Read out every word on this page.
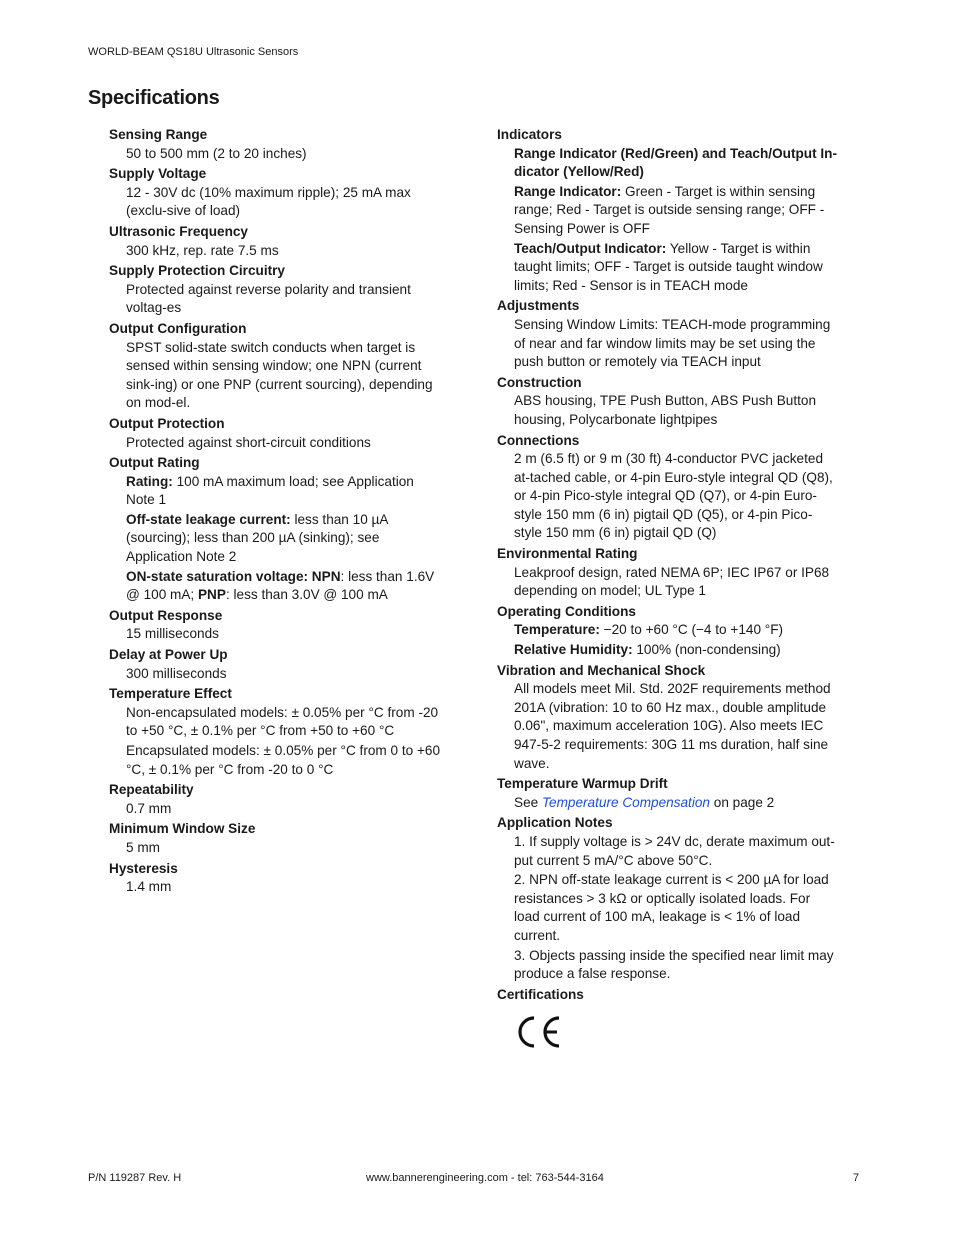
WORLD-BEAM QS18U Ultrasonic Sensors
Specifications
Sensing Range

50 to 500 mm (2 to 20 inches)

Supply Voltage

12 - 30V dc (10% maximum ripple); 25 mA max (exclu-sive of load)

Ultrasonic Frequency

300 kHz, rep. rate 7.5 ms

Supply Protection Circuitry

Protected against reverse polarity and transient voltag-es

Output Configuration

SPST solid-state switch conducts when target is sensed within sensing window; one NPN (current sink-ing) or one PNP (current sourcing), depending on mod-el.

Output Protection

Protected against short-circuit conditions

Output Rating

Rating: 100 mA maximum load; see Application Note 1

Off-state leakage current: less than 10 µA (sourcing); less than 200 µA (sinking); see Application Note 2

ON-state saturation voltage: NPN: less than 1.6V @ 100 mA; PNP: less than 3.0V @ 100 mA

Output Response

15 milliseconds

Delay at Power Up

300 milliseconds

Temperature Effect

Non-encapsulated models: ± 0.05% per °C from -20 to +50 °C, ± 0.1% per °C from +50 to +60 °C

Encapsulated models: ± 0.05% per °C from 0 to +60 °C, ± 0.1% per °C from -20 to 0 °C

Repeatability

0.7 mm

Minimum Window Size

5 mm

Hysteresis

1.4 mm

Indicators

Range Indicator (Red/Green) and Teach/Output In-dicator (Yellow/Red)

Range Indicator: Green - Target is within sensing range; Red - Target is outside sensing range; OFF - Sensing Power is OFF

Teach/Output Indicator: Yellow - Target is within taught limits; OFF - Target is outside taught window limits; Red - Sensor is in TEACH mode

Adjustments

Sensing Window Limits: TEACH-mode programming of near and far window limits may be set using the push button or remotely via TEACH input

Construction

ABS housing, TPE Push Button, ABS Push Button housing, Polycarbonate lightpipes

Connections

2 m (6.5 ft) or 9 m (30 ft) 4-conductor PVC jacketed at-tached cable, or 4-pin Euro-style integral QD (Q8), or 4-pin Pico-style integral QD (Q7), or 4-pin Euro-style 150 mm (6 in) pigtail QD (Q5), or 4-pin Pico-style 150 mm (6 in) pigtail QD (Q)

Environmental Rating

Leakproof design, rated NEMA 6P; IEC IP67 or IP68 depending on model; UL Type 1

Operating Conditions

Temperature: −20 to +60 °C (−4 to +140 °F)

Relative Humidity: 100% (non-condensing)

Vibration and Mechanical Shock

All models meet Mil. Std. 202F requirements method 201A (vibration: 10 to 60 Hz max., double amplitude 0.06", maximum acceleration 10G). Also meets IEC 947-5-2 requirements: 30G 11 ms duration, half sine wave.

Temperature Warmup Drift

See Temperature Compensation on page 2

Application Notes

1. If supply voltage is > 24V dc, derate maximum out-put current 5 mA/°C above 50°C.

2. NPN off-state leakage current is < 200 µA for load resistances > 3 kΩ or optically isolated loads. For load current of 100 mA, leakage is < 1% of load current.

3. Objects passing inside the specified near limit may produce a false response.

Certifications
P/N 119287 Rev. H	www.bannerengineering.com - tel: 763-544-3164	7
